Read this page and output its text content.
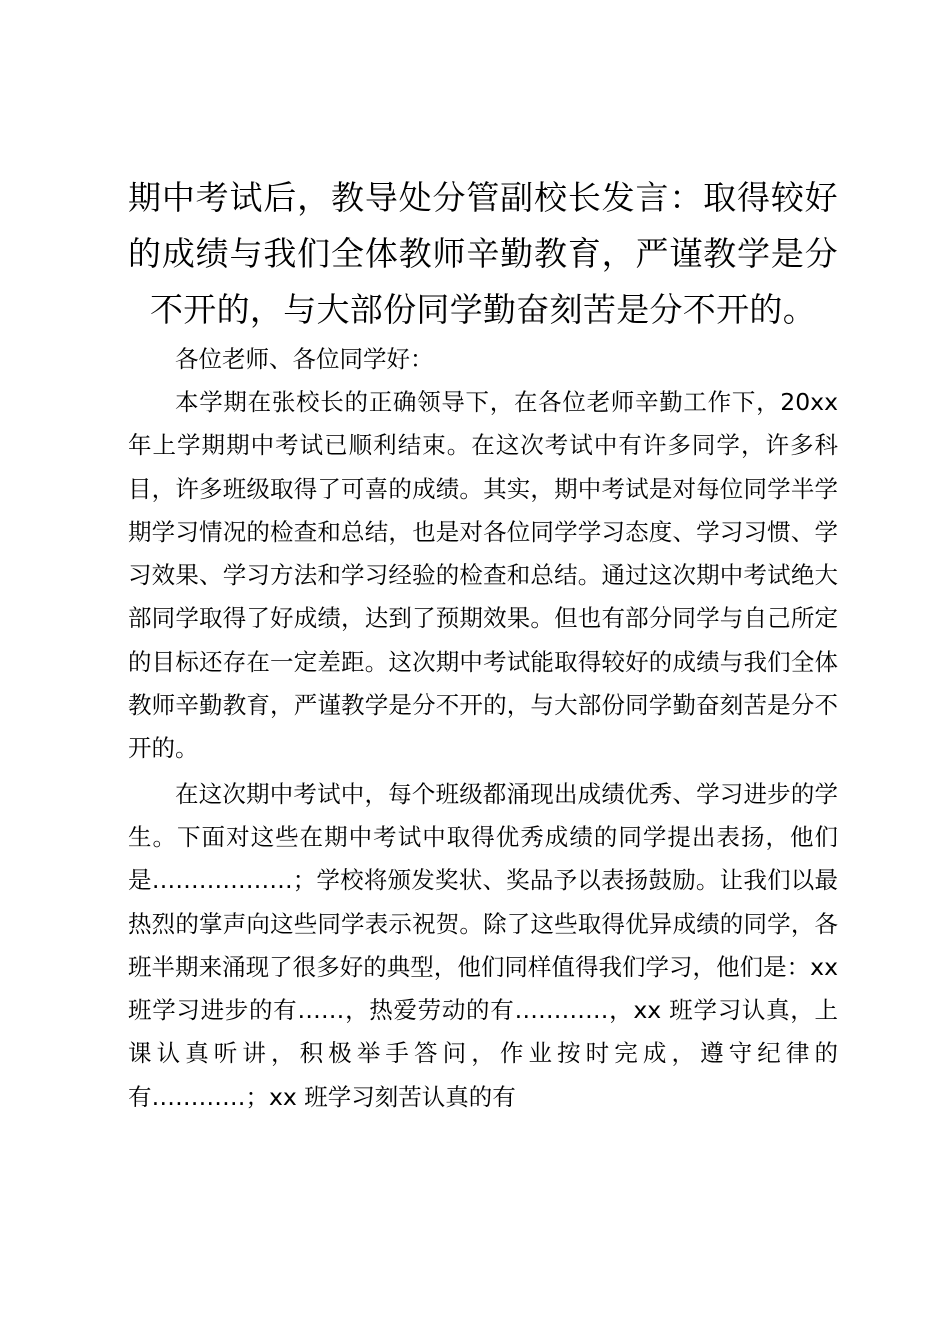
期中考试后，教导处分管副校长发言：取得较好的成绩与我们全体教师辛勤教育，严谨教学是分不开的，与大部份同学勤奋刻苦是分不开的。

各位老师、各位同学好：

本学期在张校长的正确领导下，在各位老师辛勤工作下，20xx 年上学期期中考试已顺利结束。在这次考试中有许多同学，许多科目，许多班级取得了可喜的成绩。其实，期中考试是对每位同学半学期学习情况的检查和总结，也是对各位同学学习态度、学习习惯、学习效果、学习方法和学习经验的检查和总结。通过这次期中考试绝大部同学取得了好成绩，达到了预期效果。但也有部分同学与自己所定的目标还存在一定差距。这次期中考试能取得较好的成绩与我们全体教师辛勤教育，严谨教学是分不开的，与大部份同学勤奋刻苦是分不开的。

在这次期中考试中，每个班级都涌现出成绩优秀、学习进步的学生。下面对这些在期中考试中取得优秀成绩的同学提出表扬，他们是………………；学校将颁发奖状、奖品予以表扬鼓励。让我们以最热烈的掌声向这些同学表示祝贺。除了这些取得优异成绩的同学，各班半期来涌现了很多好的典型，他们同样值得我们学习，他们是：xx 班学习进步的有……，热爱劳动的有…………，xx 班学习认真，上课认真听讲，积极举手答问，作业按时完成，遵守纪律的有…………；xx 班学习刻苦认真的有
